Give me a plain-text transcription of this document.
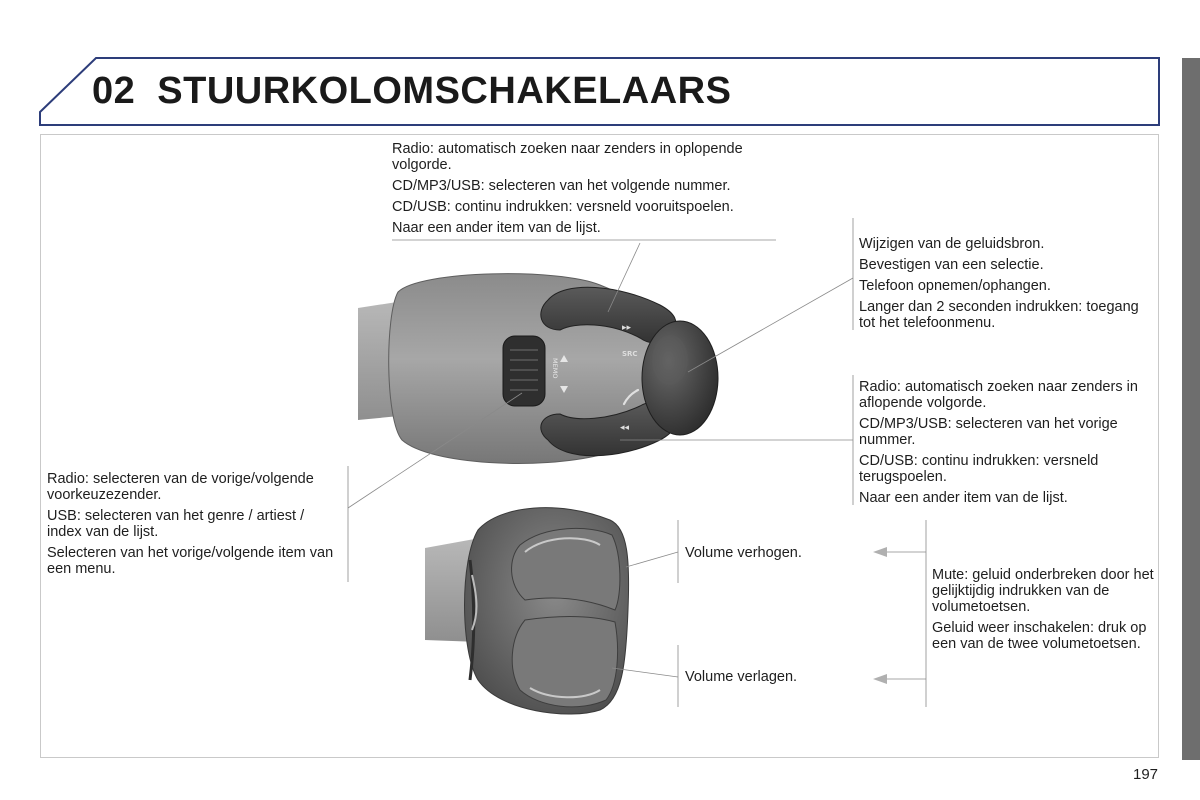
02 STUURKOLOMSCHAKELAARS
▸▸
◂◂
SRC
MEMO

Radio: automatisch zoeken naar zenders in oplopende volgorde.

CD/MP3/USB: selecteren van het volgende nummer.

CD/USB: continu indrukken: versneld vooruitspoelen.

Naar een ander item van de lijst.

Wijzigen van de geluidsbron.

Bevestigen van een selectie.

Telefoon opnemen/ophangen.

Langer dan 2 seconden indrukken: toegang tot het telefoonmenu.

Radio: automatisch zoeken naar zenders in aflopende volgorde.

CD/MP3/USB: selecteren van het vorige nummer.

CD/USB: continu indrukken: versneld terugspoelen.

Naar een ander item van de lijst.

Radio: selecteren van de vorige/volgende voorkeuzezender.

USB: selecteren van het genre / artiest / index van de lijst.

Selecteren van het vorige/volgende item van een menu.

Volume verhogen.

Volume verlagen.

Mute: geluid onderbreken door het gelijktijdig indrukken van de volumetoetsen.

Geluid weer inschakelen: druk op een van de twee volumetoetsen.

197
